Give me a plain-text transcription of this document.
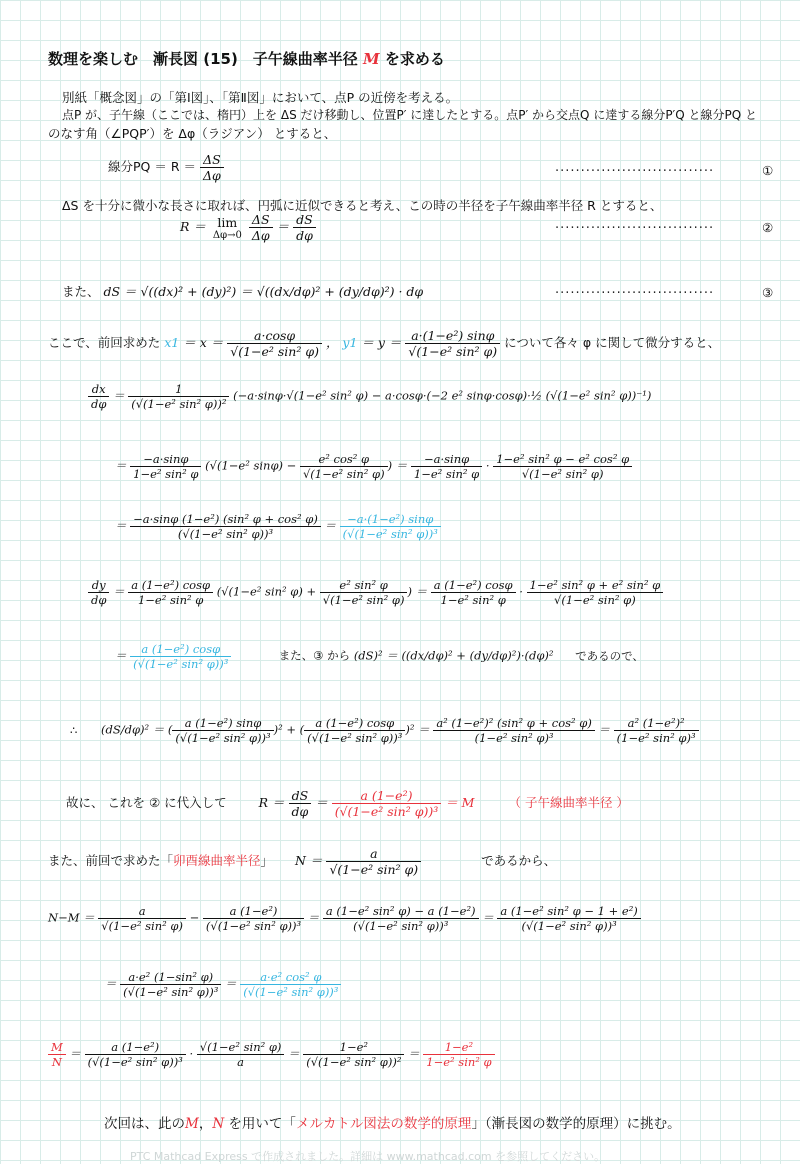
数理を楽しむ　漸長図 (15)　子午線曲率半径 M を求める
別紙「概念図」の「第Ⅰ図」、「第Ⅱ図」において、点P の近傍を考える。
点P が、子午線（ここでは、楕円）上を ΔS だけ移動し、位置P′ に達したとする。点P′ から交点Q に達する線分P′Q と線分PQ と
のなす角（∠PQP′）を Δφ（ラジアン） とすると、
線分PQ ＝ $R = \frac{\Delta S}{\Delta\varphi}$	·······························	①
ΔS を十分に微小な長さに取れば、円弧に近似できると考え、この時の半径を子午線曲率半径 R とすると、
R ＝ lim
Δφ→0
$\frac{\Delta S}{\Delta\varphi} = \frac{dS}{d\varphi}$	·······························	②
また、 dS ＝ √((dx)² + (dy)²) ＝ √((dx/dφ)² + (dy/dφ)²) · dφ	·······························	③
ここで、前回求めた $x1 = x = \frac{a\cdot\cos\varphi}{\text{√(1−e² sin² φ)}}$ ， $y1 = y = \frac{\text{a·(1−e²) sinφ}}{\text{√(1−e² sin² φ)}}$ について各々 φ に関して微分すると、
$\frac{dx}{d\varphi} = \frac{1}{\text{(√(1−e² sin² φ))²}} (-a\cdot\sin\varphi\cdot√(1-e^2$ sin² φ) − a·cosφ·(−2 e² sinφ·cosφ)·½ (√(1−e² sin² φ))⁻¹)
＝ $\frac{-a\cdot\sin\varphi}{\text{1−e² sin² φ}} (√(1-e^2$ $\sin\varphi) - \frac{\text{e² cos² φ}}{\text{√(1−e² sin² φ)}}$ ) ＝ $\frac{-a\cdot\sin\varphi}{\text{1−e² sin² φ}} \cdot \frac{\text{1−e² sin² φ − e² cos² φ}}{\text{√(1−e² sin² φ)}}$
＝ $\frac{\text{−a·sinφ (1−e²) (sin² φ + cos² φ)}}{\text{(√(1−e² sin² φ))³}} = \frac{\text{−a·(1−e²) sinφ}}{\text{(√(1−e² sin² φ))³}}$
$\frac{dy}{d\varphi} = \frac{\text{a (1−e²) cosφ}}{\text{1−e² sin² φ}} (√(1-e^2$ sin² $\varphi) + \frac{\text{e² sin² φ}}{\text{√(1−e² sin² φ)}}$ ) ＝ $\frac{\text{a (1−e²) cosφ}}{\text{1−e² sin² φ}} \cdot \frac{\text{1−e² sin² φ + e² sin² φ}}{\text{√(1−e² sin² φ)}}$
＝ $\frac{\text{a (1−e²) cosφ}}{\text{(√(1−e² sin² φ))³}}$	また、③ から (dS)² ＝ ((dx/dφ)² + (dy/dφ)²)·(dφ)² であるので、
∴ (dS/dφ)² ＝ ( $\frac{\text{a (1−e²) sinφ}}{\text{(√(1−e² sin² φ))³}} )^2$ + ( $\frac{\text{a (1−e²) cosφ}}{\text{(√(1−e² sin² φ))³}} )^2 = \frac{\text{a² (1−e²)² (sin² φ + cos² φ)}}{\text{(1−e² sin² φ)³}} = \frac{\text{a² (1−e²)²}}{\text{(1−e² sin² φ)³}}$
故に、 これを ② に代入して	$R = \frac{dS}{d\varphi} = \frac{\text{a (1−e²)}}{\text{(√(1−e² sin² φ))³}} = M$	（ 子午線曲率半径 ）
また、前回で求めた「卯酉線曲率半径」 $N = \frac{a}{\text{√(1−e² sin² φ)}}$	であるから、
$N-M = \frac{a}{\text{√(1−e² sin² φ)}} - \frac{\text{a (1−e²)}}{\text{(√(1−e² sin² φ))³}} = \frac{\text{a (1−e² sin² φ) − a (1−e²)}}{\text{(√(1−e² sin² φ))³}} = \frac{\text{a (1−e² sin² φ − 1 + e²)}}{\text{(√(1−e² sin² φ))³}}$
＝ $\frac{\text{a·e² (1−sin² φ)}}{\text{(√(1−e² sin² φ))³}} = \frac{\text{a·e² cos² φ}}{\text{(√(1−e² sin² φ))³}}$
$\frac{M}{N} = \frac{\text{a (1−e²)}}{\text{(√(1−e² sin² φ))³}} \cdot \frac{\text{√(1−e² sin² φ)}}{a} = \frac{\text{1−e²}}{\text{(√(1−e² sin² φ))²}} = \frac{\text{1−e²}}{\text{1−e² sin² φ}}$
次回は、此のM，N を用いて「メルカトル図法の数学的原理」（漸長図の数学的原理）に挑む。
PTC Mathcad Express で作成されました。詳細は www.mathcad.com を参照してください。
